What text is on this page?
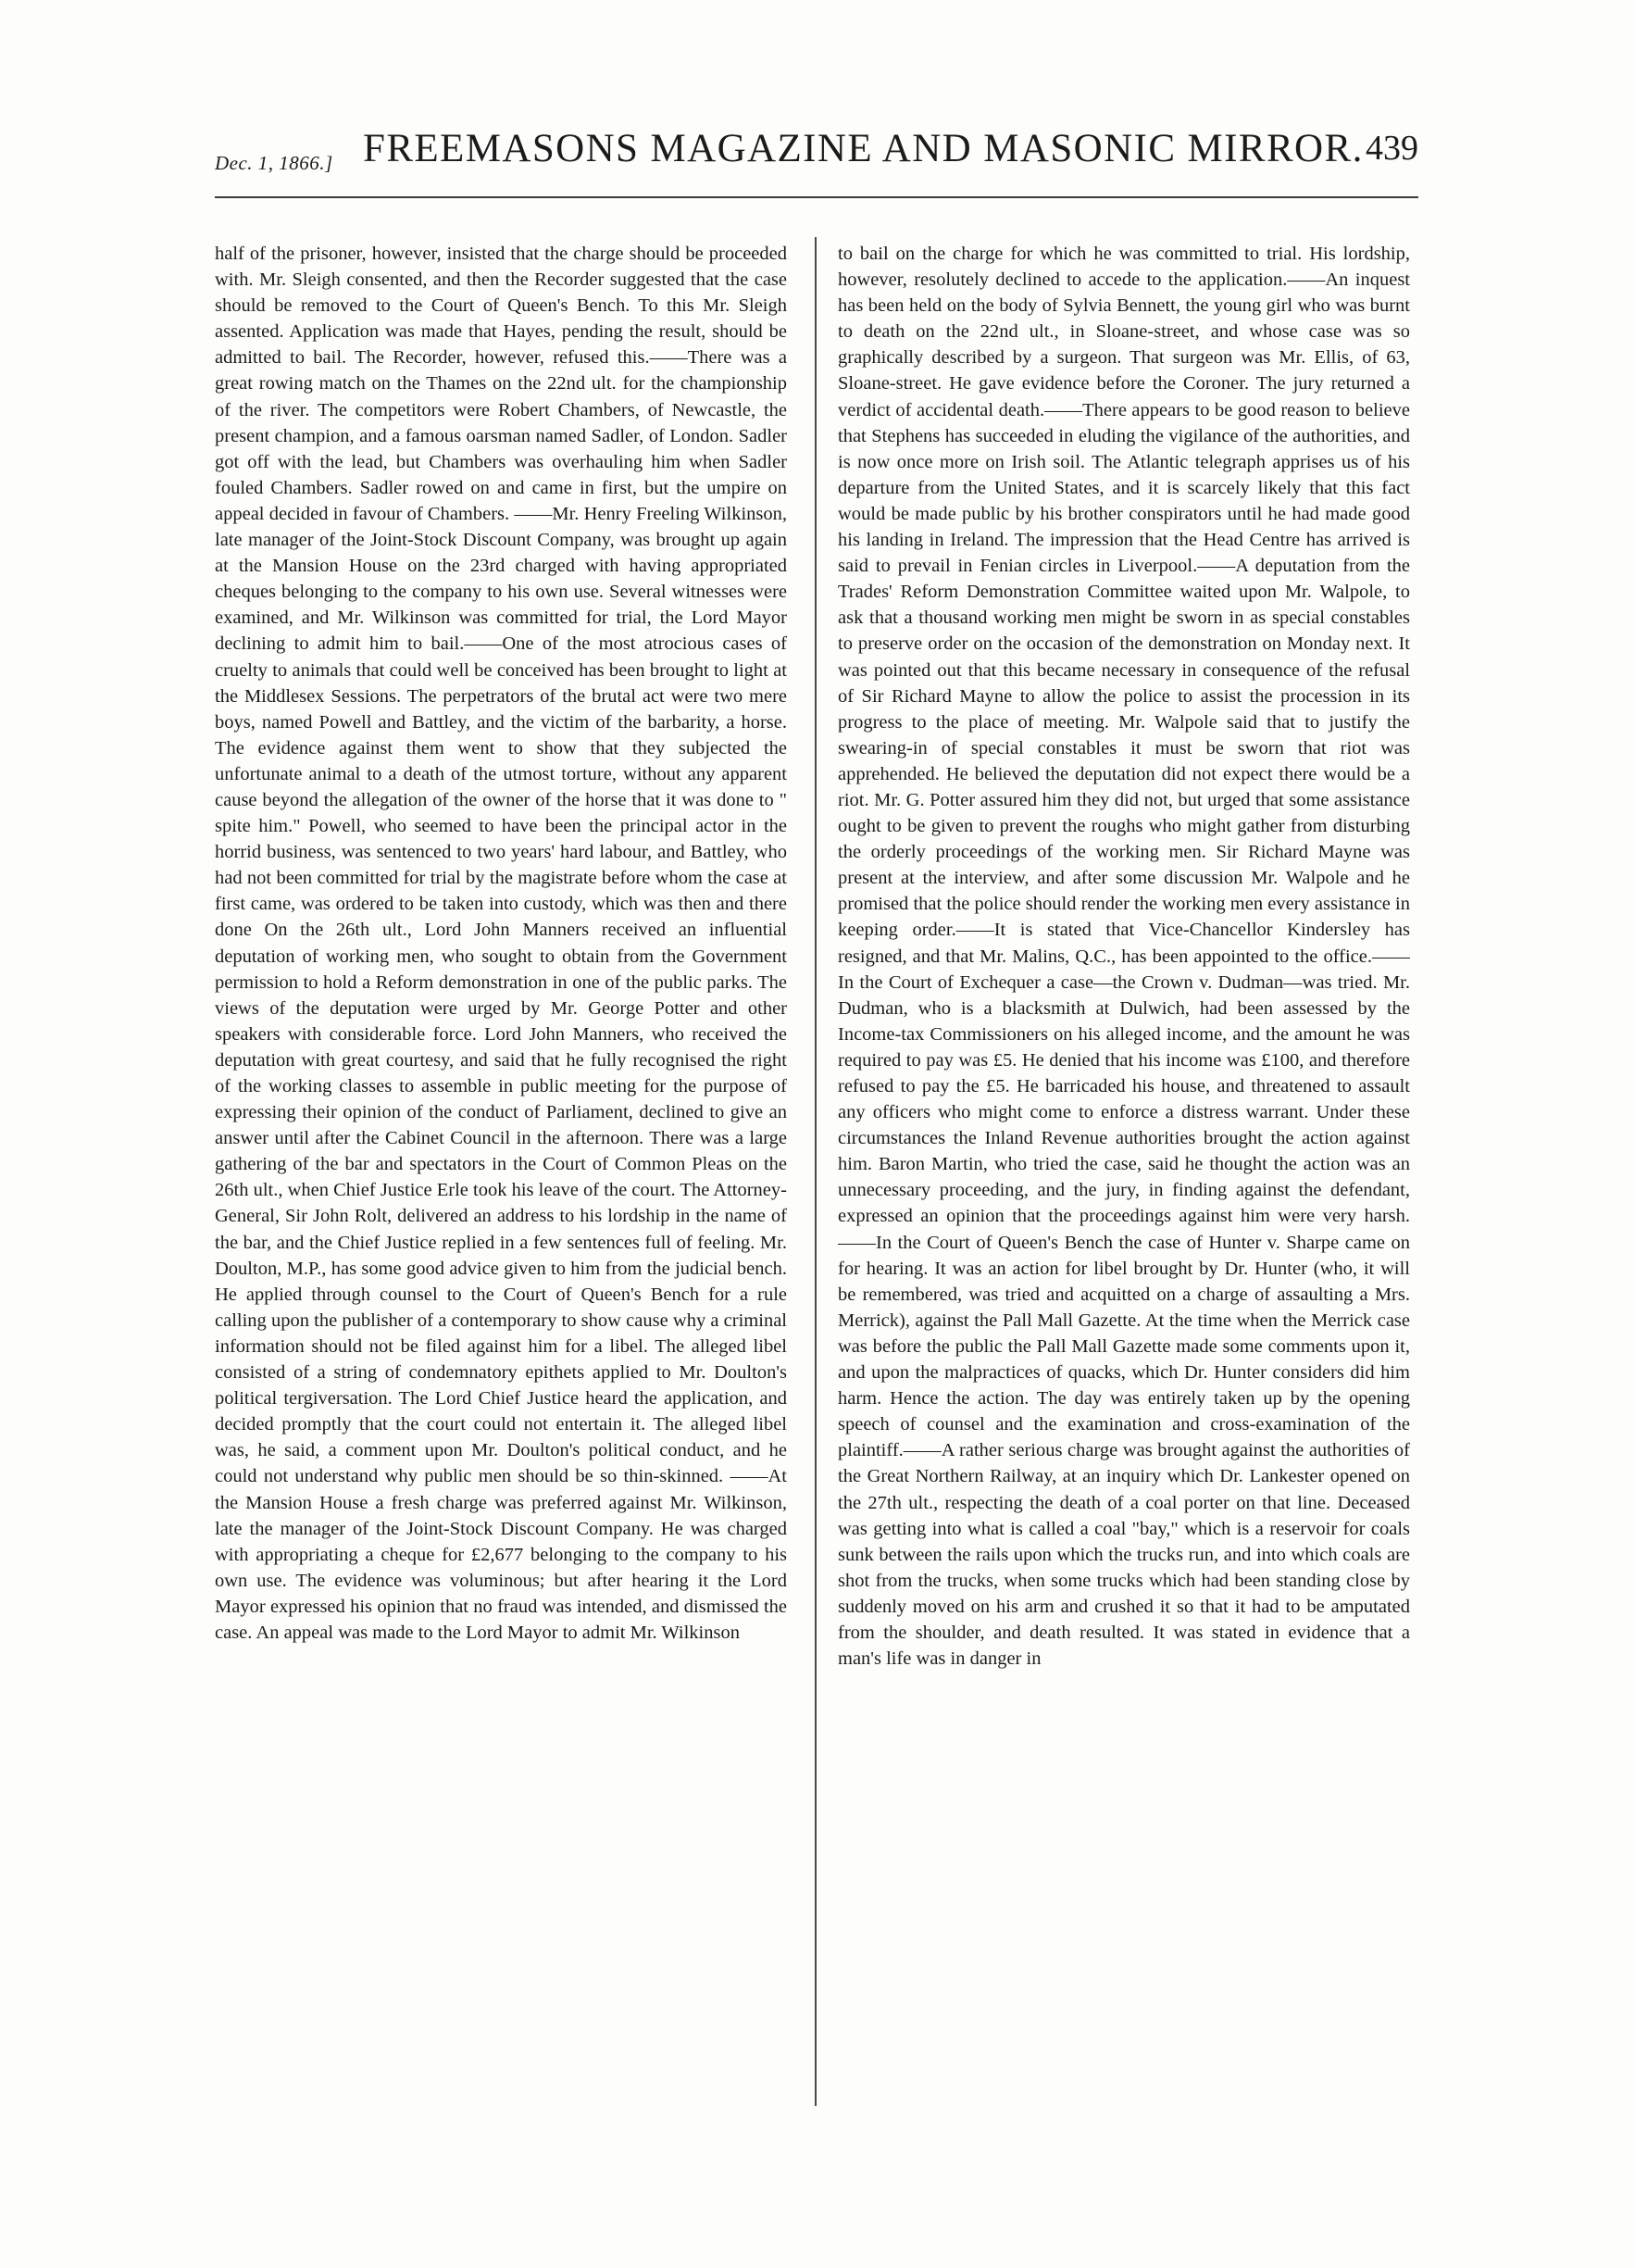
Dec. 1, 1866.] FREEMASONS MAGAZINE AND MASONIC MIRROR. 439

half of the prisoner, however, insisted that the charge should be proceeded with. Mr. Sleigh consented, and then the Recorder suggested that the case should be removed to the Court of Queen's Bench. To this Mr. Sleigh assented. Application was made that Hayes, pending the result, should be admitted to bail. The Recorder, however, refused this.——There was a great rowing match on the Thames on the 22nd ult. for the championship of the river. The competitors were Robert Chambers, of Newcastle, the present champion, and a famous oarsman named Sadler, of London. Sadler got off with the lead, but Chambers was overhauling him when Sadler fouled Chambers. Sadler rowed on and came in first, but the umpire on appeal decided in favour of Chambers. ——Mr. Henry Freeling Wilkinson, late manager of the Joint-Stock Discount Company, was brought up again at the Mansion House on the 23rd charged with having appropriated cheques belonging to the company to his own use. Several witnesses were examined, and Mr. Wilkinson was committed for trial, the Lord Mayor declining to admit him to bail.——One of the most atrocious cases of cruelty to animals that could well be conceived has been brought to light at the Middlesex Sessions. The perpetrators of the brutal act were two mere boys, named Powell and Battley, and the victim of the barbarity, a horse. The evidence against them went to show that they subjected the unfortunate animal to a death of the utmost torture, without any apparent cause beyond the allegation of the owner of the horse that it was done to " spite him." Powell, who seemed to have been the principal actor in the horrid business, was sentenced to two years' hard labour, and Battley, who had not been committed for trial by the magistrate before whom the case at first came, was ordered to be taken into custody, which was then and there done On the 26th ult., Lord John Manners received an influential deputation of working men, who sought to obtain from the Government permission to hold a Reform demonstration in one of the public parks. The views of the deputation were urged by Mr. George Potter and other speakers with considerable force. Lord John Manners, who received the deputation with great courtesy, and said that he fully recognised the right of the working classes to assemble in public meeting for the purpose of expressing their opinion of the conduct of Parliament, declined to give an answer until after the Cabinet Council in the afternoon. There was a large gathering of the bar and spectators in the Court of Common Pleas on the 26th ult., when Chief Justice Erle took his leave of the court. The Attorney-General, Sir John Rolt, delivered an address to his lordship in the name of the bar, and the Chief Justice replied in a few sentences full of feeling. Mr. Doulton, M.P., has some good advice given to him from the judicial bench. He applied through counsel to the Court of Queen's Bench for a rule calling upon the publisher of a contemporary to show cause why a criminal information should not be filed against him for a libel. The alleged libel consisted of a string of condemnatory epithets applied to Mr. Doulton's political tergiversation. The Lord Chief Justice heard the application, and decided promptly that the court could not entertain it. The alleged libel was, he said, a comment upon Mr. Doulton's political conduct, and he could not understand why public men should be so thin-skinned. ——At the Mansion House a fresh charge was preferred against Mr. Wilkinson, late the manager of the Joint-Stock Discount Company. He was charged with appropriating a cheque for £2,677 belonging to the company to his own use. The evidence was voluminous; but after hearing it the Lord Mayor expressed his opinion that no fraud was intended, and dismissed the case. An appeal was made to the Lord Mayor to admit Mr. Wilkinson

to bail on the charge for which he was committed to trial. His lordship, however, resolutely declined to accede to the application.——An inquest has been held on the body of Sylvia Bennett, the young girl who was burnt to death on the 22nd ult., in Sloane-street, and whose case was so graphically described by a surgeon. That surgeon was Mr. Ellis, of 63, Sloane-street. He gave evidence before the Coroner. The jury returned a verdict of accidental death.——There appears to be good reason to believe that Stephens has succeeded in eluding the vigilance of the authorities, and is now once more on Irish soil. The Atlantic telegraph apprises us of his departure from the United States, and it is scarcely likely that this fact would be made public by his brother conspirators until he had made good his landing in Ireland. The impression that the Head Centre has arrived is said to prevail in Fenian circles in Liverpool.——A deputation from the Trades' Reform Demonstration Committee waited upon Mr. Walpole, to ask that a thousand working men might be sworn in as special constables to preserve order on the occasion of the demonstration on Monday next. It was pointed out that this became necessary in consequence of the refusal of Sir Richard Mayne to allow the police to assist the procession in its progress to the place of meeting. Mr. Walpole said that to justify the swearing-in of special constables it must be sworn that riot was apprehended. He believed the deputation did not expect there would be a riot. Mr. G. Potter assured him they did not, but urged that some assistance ought to be given to prevent the roughs who might gather from disturbing the orderly proceedings of the working men. Sir Richard Mayne was present at the interview, and after some discussion Mr. Walpole and he promised that the police should render the working men every assistance in keeping order.——It is stated that Vice-Chancellor Kindersley has resigned, and that Mr. Malins, Q.C., has been appointed to the office.——In the Court of Exchequer a case—the Crown v. Dudman—was tried. Mr. Dudman, who is a blacksmith at Dulwich, had been assessed by the Income-tax Commissioners on his alleged income, and the amount he was required to pay was £5. He denied that his income was £100, and therefore refused to pay the £5. He barricaded his house, and threatened to assault any officers who might come to enforce a distress warrant. Under these circumstances the Inland Revenue authorities brought the action against him. Baron Martin, who tried the case, said he thought the action was an unnecessary proceeding, and the jury, in finding against the defendant, expressed an opinion that the proceedings against him were very harsh.——In the Court of Queen's Bench the case of Hunter v. Sharpe came on for hearing. It was an action for libel brought by Dr. Hunter (who, it will be remembered, was tried and acquitted on a charge of assaulting a Mrs. Merrick), against the Pall Mall Gazette. At the time when the Merrick case was before the public the Pall Mall Gazette made some comments upon it, and upon the malpractices of quacks, which Dr. Hunter considers did him harm. Hence the action. The day was entirely taken up by the opening speech of counsel and the examination and cross-examination of the plaintiff.——A rather serious charge was brought against the authorities of the Great Northern Railway, at an inquiry which Dr. Lankester opened on the 27th ult., respecting the death of a coal porter on that line. Deceased was getting into what is called a coal "bay," which is a reservoir for coals sunk between the rails upon which the trucks run, and into which coals are shot from the trucks, when some trucks which had been standing close by suddenly moved on his arm and crushed it so that it had to be amputated from the shoulder, and death resulted. It was stated in evidence that a man's life was in danger in
